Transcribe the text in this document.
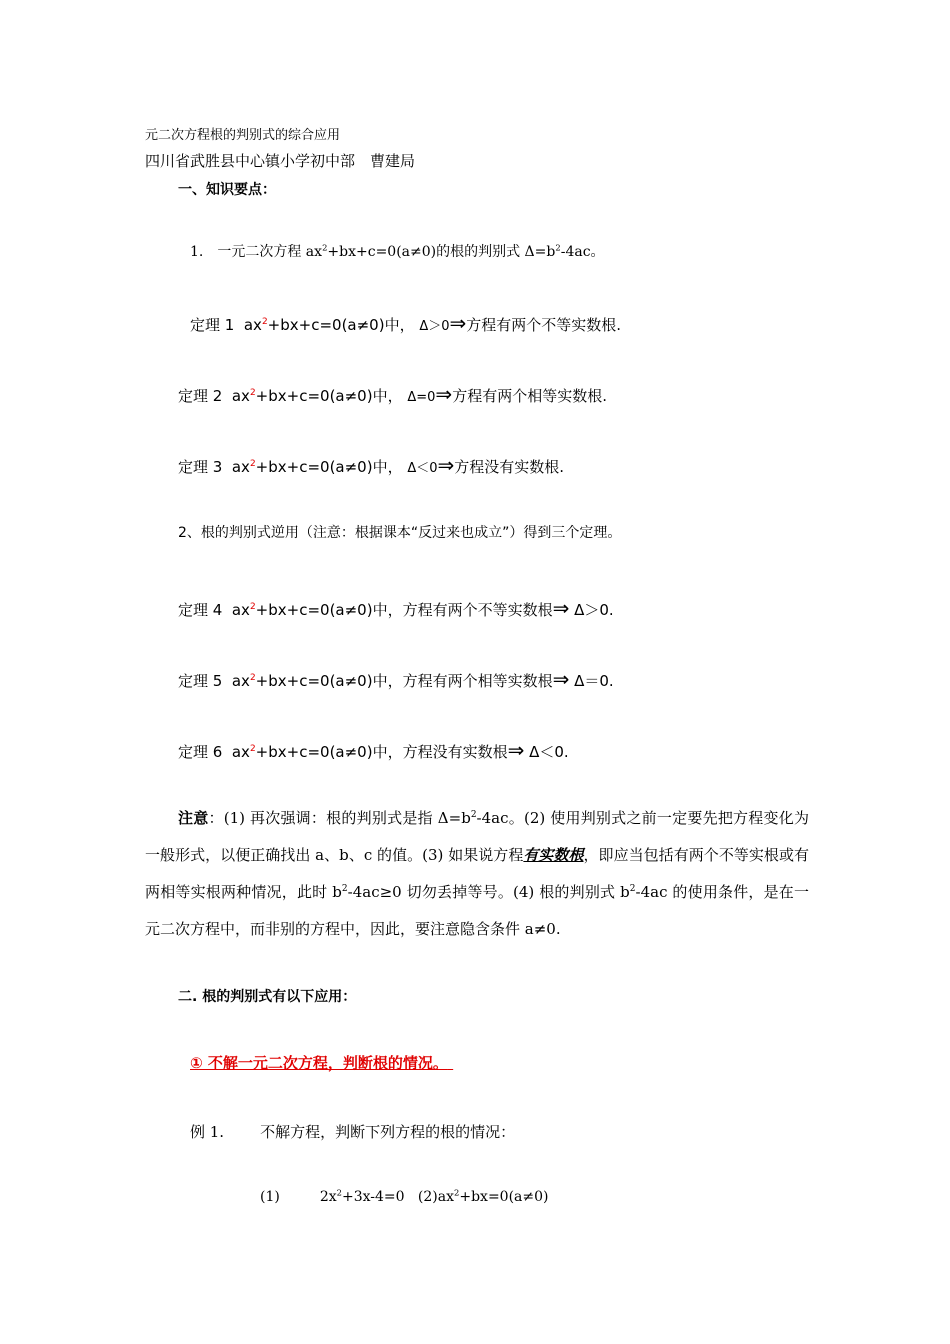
元二次方程根的判别式的综合应用
四川省武胜县中心镇小学初中部　曹建局
一、知识要点：
1.　一元二次方程 $ax^2+bx+c=0(a\ne 0)$的根的判别式 $\Delta=b^2-4ac$。
定理 1 $ax^2+bx+c=0(a\ne 0)$中， Δ＞0⇒方程有两个不等实数根.
定理 2 $ax^2+bx+c=0(a\ne 0)$中， Δ=0⇒方程有两个相等实数根.
定理 3 $ax^2+bx+c=0(a\ne 0)$中， Δ＜0⇒方程没有实数根.
2、根的判别式逆用（注意：根据课本“反过来也成立”）得到三个定理。
定理 4 $ax^2+bx+c=0(a\ne 0)$中，方程有两个不等实数根⇒ Δ＞0.
定理 5 $ax^2+bx+c=0(a\ne 0)$中，方程有两个相等实数根⇒ Δ＝0.
定理 6 $ax^2+bx+c=0(a\ne 0)$中，方程没有实数根⇒ Δ＜0.
注意：(1) 再次强调：根的判别式是指 $\Delta=b^2-4ac$。(2) 使用判别式之前一定要先把方程变化为一般形式，以便正确找出 a、b、c 的值。(3) 如果说方程有实数根，即应当包括有两个不等实根或有两相等实根两种情况，此时 $b^2-4ac\ge 0$ 切勿丢掉等号。(4) 根的判别式 $b^2-4ac$ 的使用条件，是在一元二次方程中，而非别的方程中，因此，要注意隐含条件 a≠0.
二. 根的判别式有以下应用：
① 不解一元二次方程，判断根的情况。
例 1. 不解方程，判断下列方程的根的情况：
(1)	$2x^2+3x-4=0$ $(2)ax^2+bx=0(a\ne 0)$
